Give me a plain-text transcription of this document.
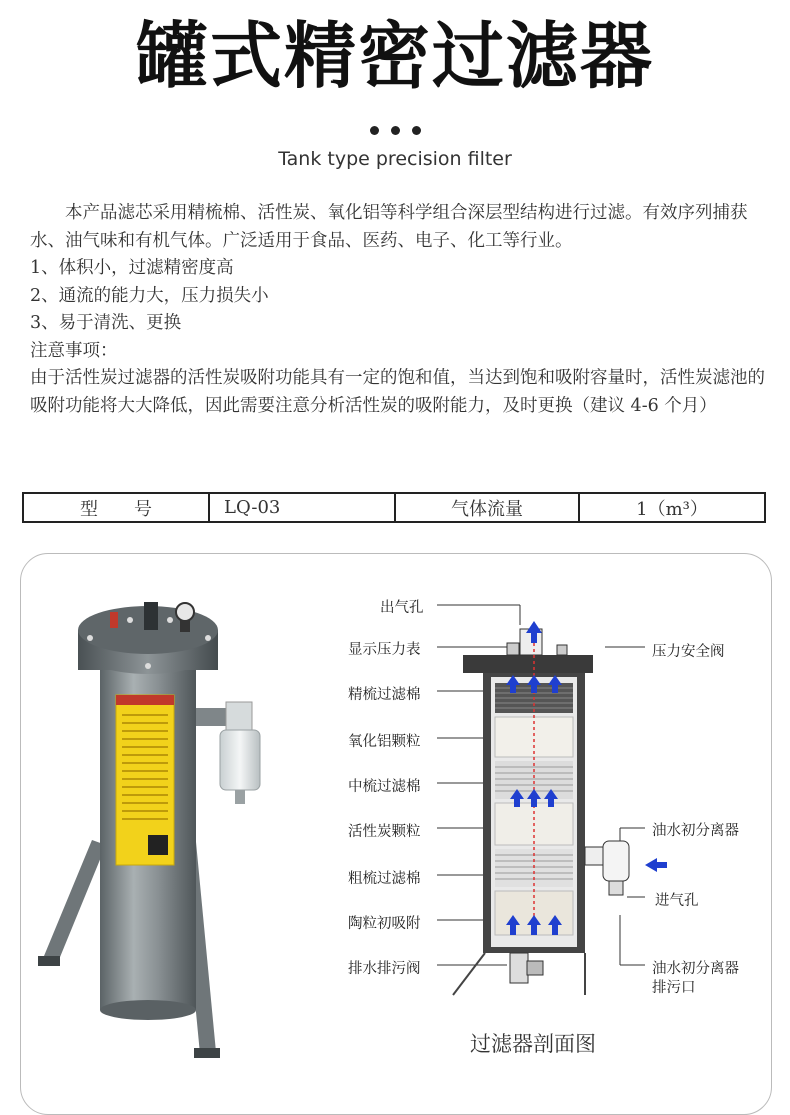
罐式精密过滤器
Tank type precision filter

本产品滤芯采用精梳棉、活性炭、氧化铝等科学组合深层型结构进行过滤。有效序列捕获水、油气味和有机气体。广泛适用于食品、医药、电子、化工等行业。

1、体积小，过滤精密度高

2、通流的能力大，压力损失小

3、易于清洗、更换

注意事项：

由于活性炭过滤器的活性炭吸附功能具有一定的饱和值，当达到饱和吸附容量时，活性炭滤池的吸附功能将大大降低，因此需要注意分析活性炭的吸附能力，及时更换（建议 4-6 个月）

型　　号	LQ-03	气体流量	1（m³）
出气孔
显示压力表
精梳过滤棉
氧化铝颗粒
中梳过滤棉
活性炭颗粒
粗梳过滤棉
陶粒初吸附
排水排污阀
压力安全阀
油水初分离器
进气孔
油水初分离器
排污口
过滤器剖面图
